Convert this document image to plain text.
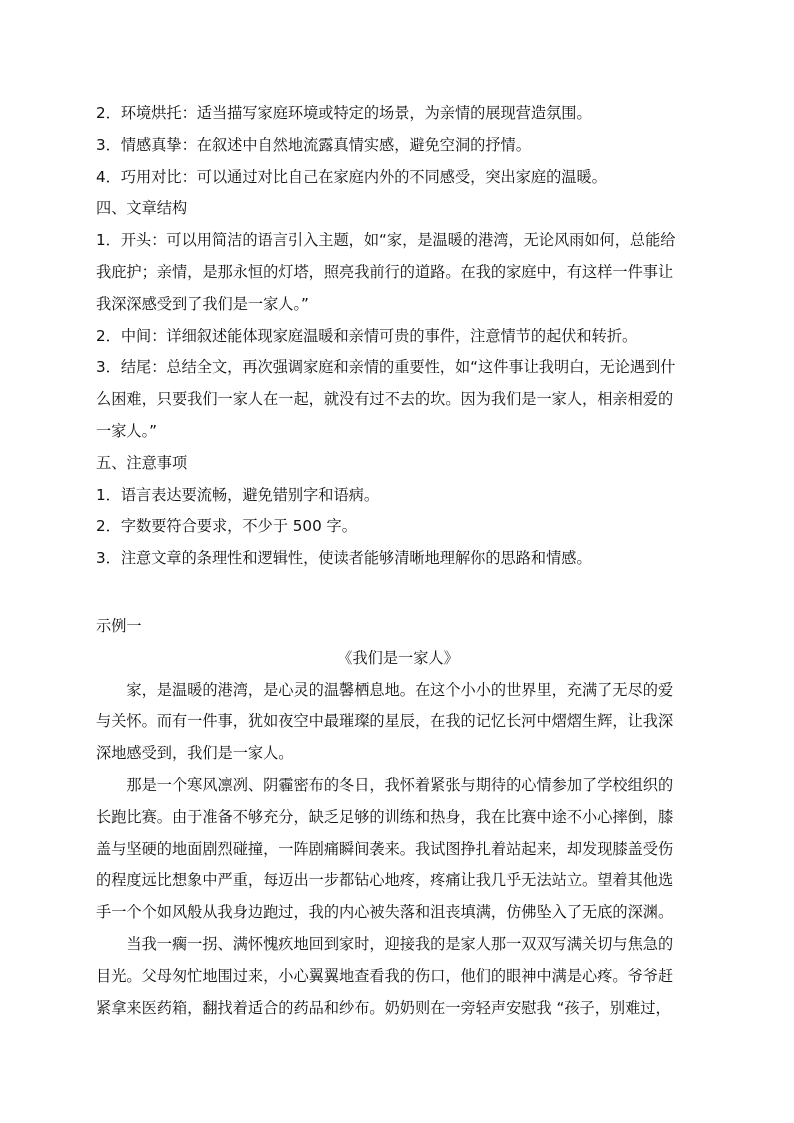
2．环境烘托：适当描写家庭环境或特定的场景，为亲情的展现营造氛围。
3．情感真挚：在叙述中自然地流露真情实感，避免空洞的抒情。
4．巧用对比：可以通过对比自己在家庭内外的不同感受，突出家庭的温暖。
四、文章结构
1．开头：可以用简洁的语言引入主题，如“家，是温暖的港湾，无论风雨如何，总能给
我庇护；亲情，是那永恒的灯塔，照亮我前行的道路。在我的家庭中，有这样一件事让
我深深感受到了我们是一家人。”
2．中间：详细叙述能体现家庭温暖和亲情可贵的事件，注意情节的起伏和转折。
3．结尾：总结全文，再次强调家庭和亲情的重要性，如“这件事让我明白，无论遇到什
么困难，只要我们一家人在一起，就没有过不去的坎。因为我们是一家人，相亲相爱的
一家人。”
五、注意事项
1．语言表达要流畅，避免错别字和语病。
2．字数要符合要求，不少于 500 字。
3．注意文章的条理性和逻辑性，使读者能够清晰地理解你的思路和情感。
示例一
《我们是一家人》
家，是温暖的港湾，是心灵的温馨栖息地。在这个小小的世界里，充满了无尽的爱
与关怀。而有一件事，犹如夜空中最璀璨的星辰，在我的记忆长河中熠熠生辉，让我深
深地感受到，我们是一家人。
那是一个寒风凛冽、阴霾密布的冬日，我怀着紧张与期待的心情参加了学校组织的
长跑比赛。由于准备不够充分，缺乏足够的训练和热身，我在比赛中途不小心摔倒，膝
盖与坚硬的地面剧烈碰撞，一阵剧痛瞬间袭来。我试图挣扎着站起来，却发现膝盖受伤
的程度远比想象中严重，每迈出一步都钻心地疼，疼痛让我几乎无法站立。望着其他选
手一个个如风般从我身边跑过，我的内心被失落和沮丧填满，仿佛坠入了无底的深渊。
当我一瘸一拐、满怀愧疚地回到家时，迎接我的是家人那一双双写满关切与焦急的
目光。父母匆忙地围过来，小心翼翼地查看我的伤口，他们的眼神中满是心疼。爷爷赶
紧拿来医药箱，翻找着适合的药品和纱布。奶奶则在一旁轻声安慰我 “孩子，别难过，
